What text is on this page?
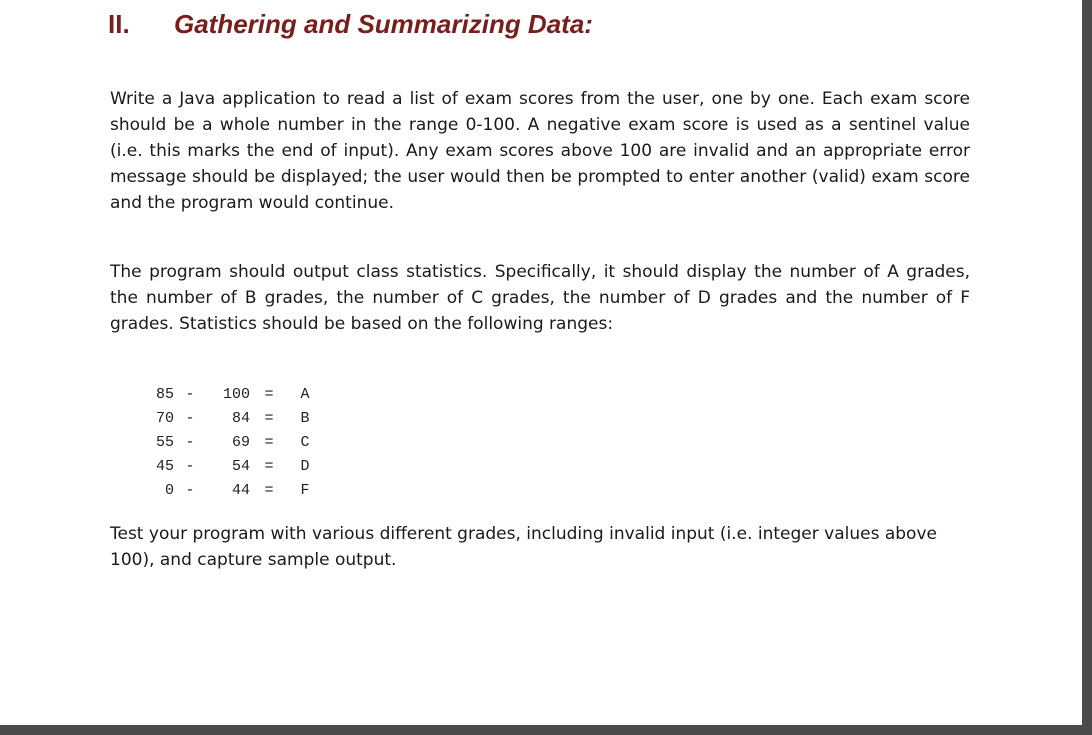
II. Gathering and Summarizing Data:

Write a Java application to read a list of exam scores from the user, one by one. Each exam score should be a whole number in the range 0-100. A negative exam score is used as a sentinel value (i.e. this marks the end of input). Any exam scores above 100 are invalid and an appropriate error message should be displayed; the user would then be prompted to enter another (valid) exam score and the program would continue.

The program should output class statistics. Specifically, it should display the number of A grades, the number of B grades, the number of C grades, the number of D grades and the number of F grades. Statistics should be based on the following ranges:

85 - 100 = A
70 - 84 = B
55 - 69 = C
45 - 54 = D
0 - 44 = F

Test your program with various different grades, including invalid input (i.e. integer values above 100), and capture sample output.
